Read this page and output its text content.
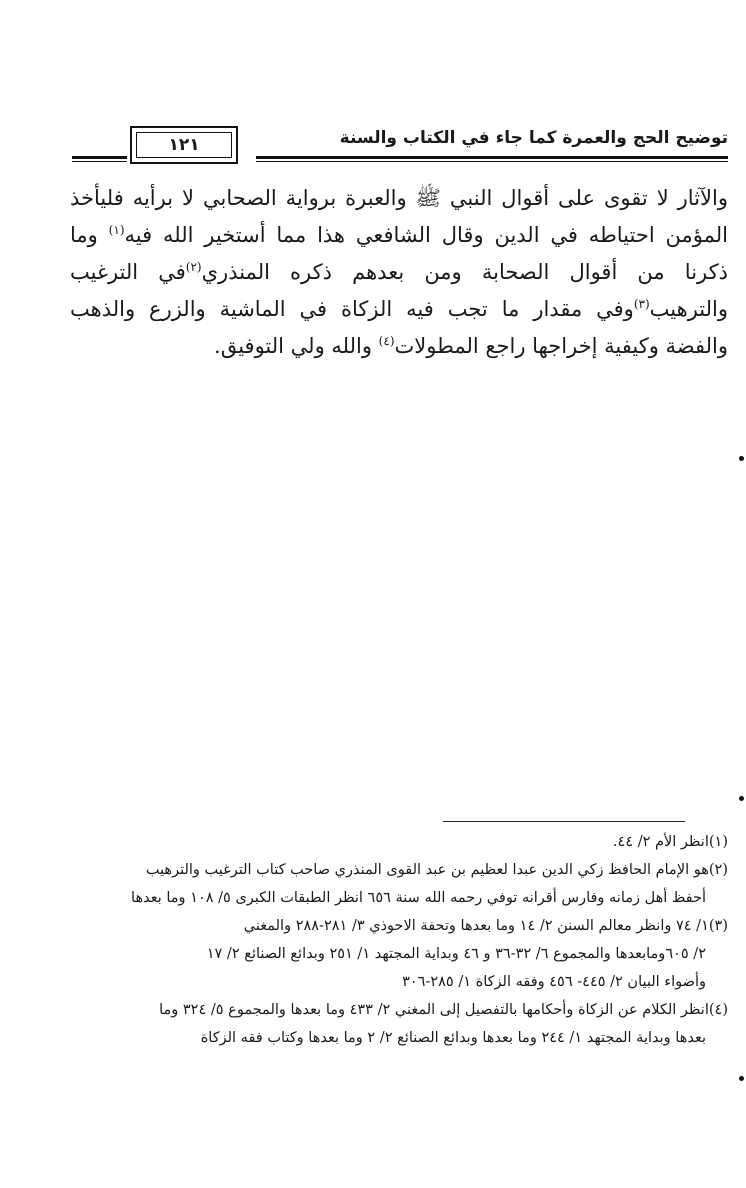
توضيح الحج والعمرة كما جاء في الكتاب والسنة
١٢١

والآثار لا تقوى على أقوال النبي ﷺ والعبرة برواية الصحابي لا برأيه فليأخذ المؤمن احتياطه في الدين وقال الشافعي هذا مما أستخير الله فيه$^{(١)}$ وما ذكرنا من أقوال الصحابة ومن بعدهم ذكره المنذري$^{(٢)}$في الترغيب والترهيب$^{(٣)}$وفي مقدار ما تجب فيه الزكاة في الماشية والزرع والذهب والفضة وكيفية إخراجها راجع المطولات$^{(٤)}$ والله ولي التوفيق.

(١)انظر الأم ٢/ ٤٤.

(٢)هو الإمام الحافظ زكي الدين عبدا لعظيم بن عبد القوى المنذري صاحب كتاب الترغيب والترهيب
أحفظ أهل زمانه وفارس أقرانه توفي رحمه الله سنة ٦٥٦ انظر الطبقات الكبرى ٥/ ١٠٨ وما بعدها

(٣)١/ ٧٤ وانظر معالم السنن ٢/ ١٤ وما بعدها وتحفة الاحوذي ٣/ ٢٨١-٢٨٨ والمغني
٢/ ٦٠٥ومابعدها والمجموع ٦/ ٣٢-٣٦ و ٤٦ وبداية المجتهد ١/ ٢٥١ وبدائع الصنائع ٢/ ١٧
وأضواء البيان ٢/ ٤٤٥- ٤٥٦ وفقه الزكاة ١/ ٢٨٥-٣٠٦

(٤)انظر الكلام عن الزكاة وأحكامها بالتفصيل إلى المغني ٢/ ٤٣٣ وما بعدها والمجموع ٥/ ٣٢٤ وما
بعدها وبداية المجتهد ١/ ٢٤٤ وما بعدها وبدائع الصنائع ٢/ ٢ وما بعدها وكتاب فقه الزكاة
